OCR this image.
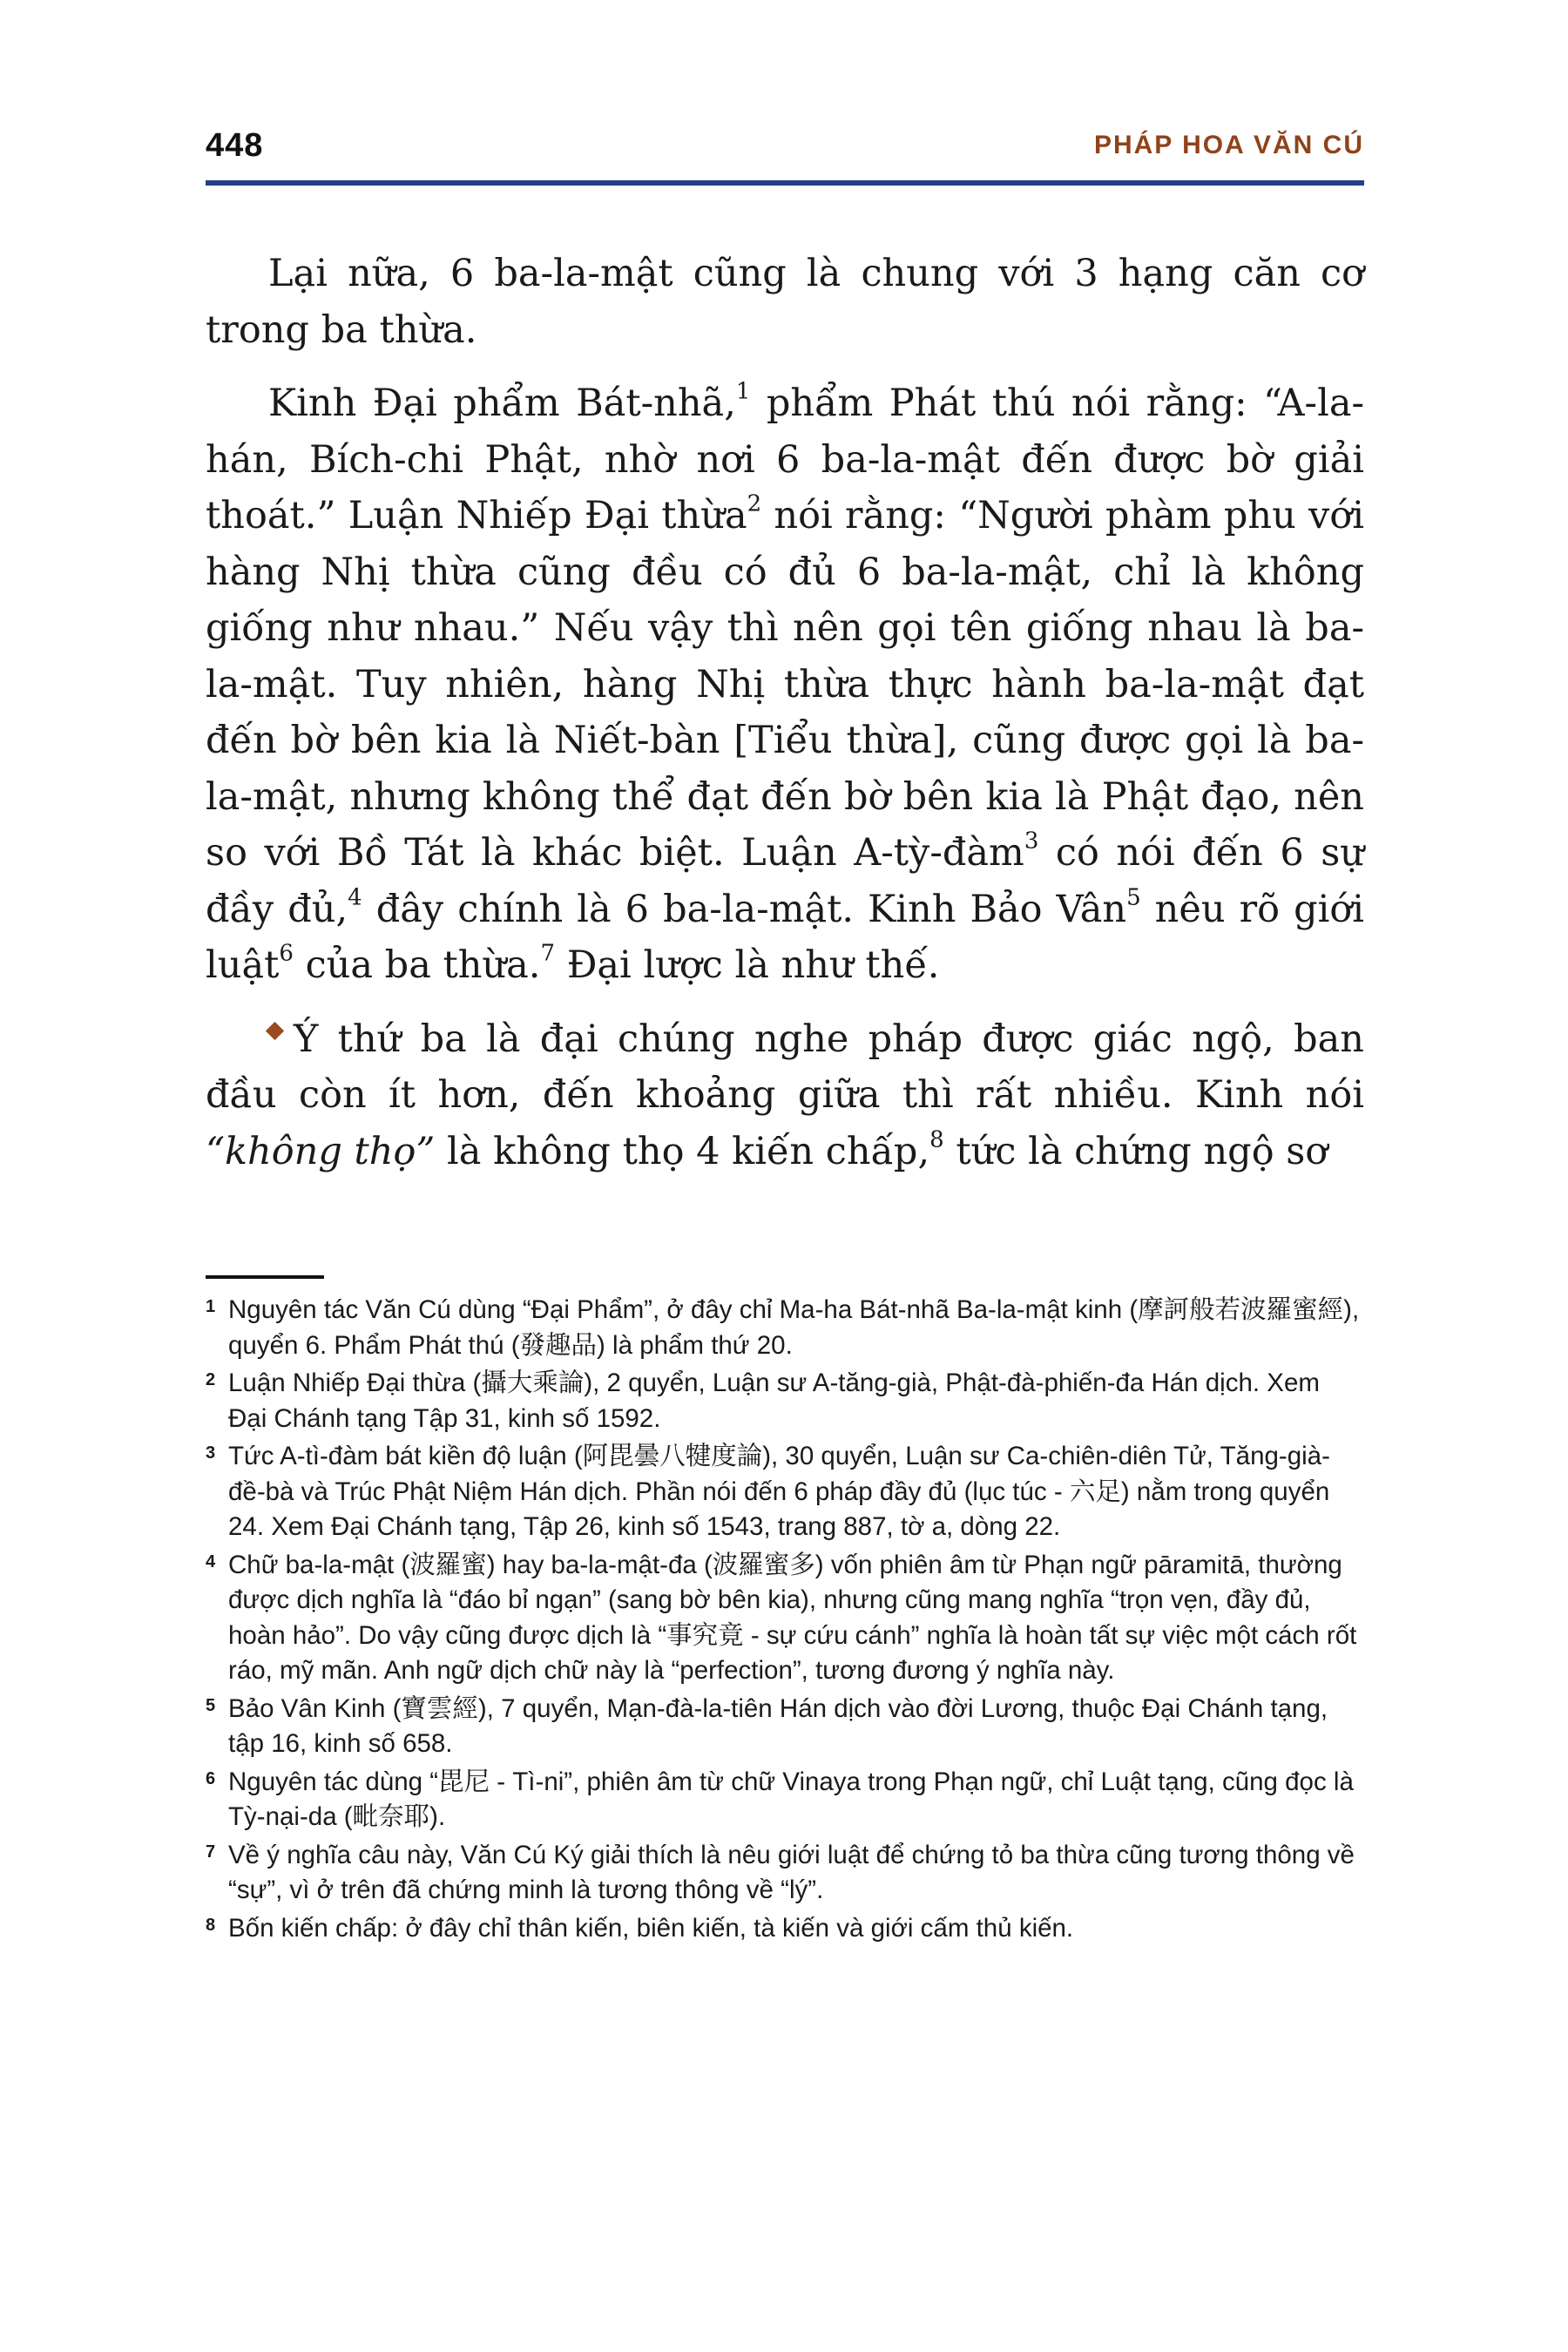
448	PHÁP HOA VĂN CÚ

Lại nữa, 6 ba-la-mật cũng là chung với 3 hạng căn cơ trong ba thừa.

Kinh Đại phẩm Bát-nhã,$^1$ phẩm Phát thú nói rằng: “A-la-hán, Bích-chi Phật, nhờ nơi 6 ba-la-mật đến được bờ giải thoát.” Luận Nhiếp Đại thừa$^2$ nói rằng: “Người phàm phu với hàng Nhị thừa cũng đều có đủ 6 ba-la-mật, chỉ là không giống như nhau.” Nếu vậy thì nên gọi tên giống nhau là ba-la-mật. Tuy nhiên, hàng Nhị thừa thực hành ba-la-mật đạt đến bờ bên kia là Niết-bàn [Tiểu thừa], cũng được gọi là ba-la-mật, nhưng không thể đạt đến bờ bên kia là Phật đạo, nên so với Bồ Tát là khác biệt. Luận A-tỳ-đàm$^3$ có nói đến 6 sự đầy đủ,$^4$ đây chính là 6 ba-la-mật. Kinh Bảo Vân$^5$ nêu rõ giới luật$^6$ của ba thừa.$^7$ Đại lược là như thế.

Ý thứ ba là đại chúng nghe pháp được giác ngộ, ban đầu còn ít hơn, đến khoảng giữa thì rất nhiều. Kinh nói “không thọ” là không thọ 4 kiến chấp,$^8$ tức là chứng ngộ sơ

1 Nguyên tác Văn Cú dùng “Đại Phẩm”, ở đây chỉ Ma-ha Bát-nhã Ba-la-mật kinh (摩訶般若波羅蜜經), quyển 6. Phẩm Phát thú (發趣品) là phẩm thứ 20.
2 Luận Nhiếp Đại thừa (攝大乘論), 2 quyển, Luận sư A-tăng-già, Phật-đà-phiến-đa Hán dịch. Xem Đại Chánh tạng Tập 31, kinh số 1592.
3 Tức A-tì-đàm bát kiền độ luận (阿毘曇八犍度論), 30 quyển, Luận sư Ca-chiên-diên Tử, Tăng-già-đề-bà và Trúc Phật Niệm Hán dịch. Phần nói đến 6 pháp đầy đủ (lục túc - 六足) nằm trong quyển 24. Xem Đại Chánh tạng, Tập 26, kinh số 1543, trang 887, tờ a, dòng 22.
4 Chữ ba-la-mật (波羅蜜) hay ba-la-mật-đa (波羅蜜多) vốn phiên âm từ Phạn ngữ pāramitā, thường được dịch nghĩa là “đáo bỉ ngạn” (sang bờ bên kia), nhưng cũng mang nghĩa “trọn vẹn, đầy đủ, hoàn hảo”. Do vậy cũng được dịch là “事究竟 - sự cứu cánh” nghĩa là hoàn tất sự việc một cách rốt ráo, mỹ mãn. Anh ngữ dịch chữ này là “perfection”, tương đương ý nghĩa này.
5 Bảo Vân Kinh (寶雲經), 7 quyển, Mạn-đà-la-tiên Hán dịch vào đời Lương, thuộc Đại Chánh tạng, tập 16, kinh số 658.
6 Nguyên tác dùng “毘尼 - Tì-ni”, phiên âm từ chữ Vinaya trong Phạn ngữ, chỉ Luật tạng, cũng đọc là Tỳ-nại-da (毗奈耶).
7 Về ý nghĩa câu này, Văn Cú Ký giải thích là nêu giới luật để chứng tỏ ba thừa cũng tương thông về “sự”, vì ở trên đã chứng minh là tương thông về “lý”.
8 Bốn kiến chấp: ở đây chỉ thân kiến, biên kiến, tà kiến và giới cấm thủ kiến.
